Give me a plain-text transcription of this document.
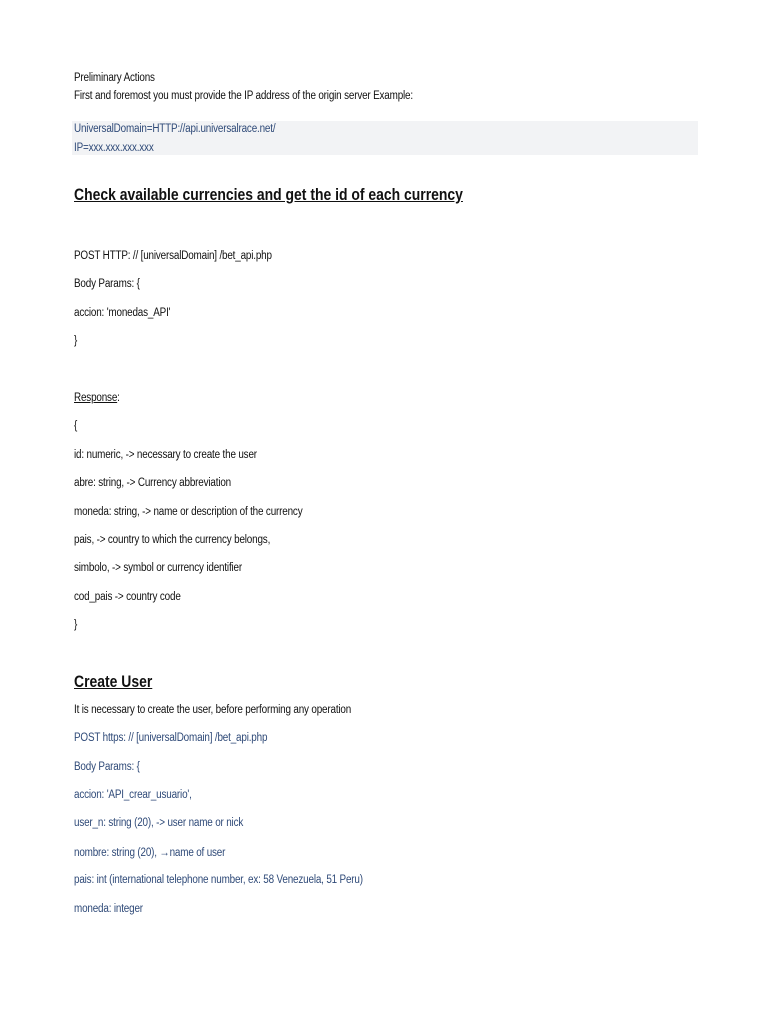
Preliminary Actions
First and foremost you must provide the IP address of the origin server Example:
UniversalDomain=HTTP://api.universalrace.net/
IP=xxx.xxx.xxx.xxx
Check available currencies and get the id of each currency
POST HTTP: // [universalDomain] /bet_api.php
Body Params: {
accion: 'monedas_API'
}
Response:
{
id: numeric, -> necessary to create the user
abre: string, -> Currency abbreviation
moneda: string, -> name or description of the currency
pais, -> country to which the currency belongs,
simbolo, -> symbol or currency identifier
cod_pais -> country code
}
Create User
It is necessary to create the user, before performing any operation
POST https: // [universalDomain] /bet_api.php
Body Params: {
accion: 'API_crear_usuario',
user_n: string (20), -> user name or nick
nombre: string (20), →name of user
pais: int (international telephone number, ex: 58 Venezuela, 51 Peru)
moneda: integer
